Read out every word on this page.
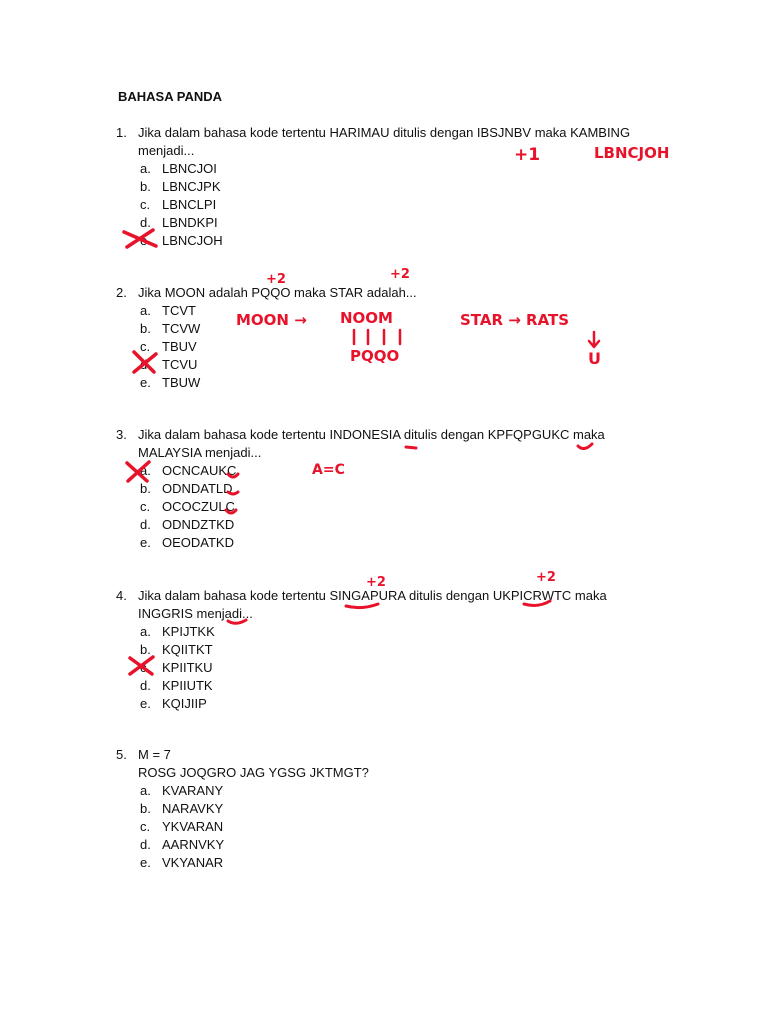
BAHASA PANDA
1. Jika dalam bahasa kode tertentu HARIMAU ditulis dengan IBSJNBV maka KAMBING
menjadi...
a. LBNCJOI
b. LBNCJPK
c. LBNCLPI
d. LBNDKPI
e. LBNCJOH
2. Jika MOON adalah PQQO maka STAR adalah...
a. TCVT
b. TCVW
c. TBUV
d. TCVU
e. TBUW
3. Jika dalam bahasa kode tertentu INDONESIA ditulis dengan KPFQPGUKC maka
MALAYSIA menjadi...
a. OCNCAUKC
b. ODNDATLD
c. OCOCZULC
d. ODNDZTKD
e. OEODATKD
4. Jika dalam bahasa kode tertentu SINGAPURA ditulis dengan UKPICRWTC maka
INGGRIS menjadi...
a. KPIJTKK
b. KQIITKT
c. KPIITKU
d. KPIIUTK
e. KQIJIIP
5. M = 7
ROSG JOQGRO JAG YGSG JKTMGT?
a. KVARANY
b. NARAVKY
c. YKVARAN
d. AARNVKY
e. VKYANAR
+1	LBNCJOH
+2	+2
MOON → NOOM
PQQO
STAR → RATS
U
A=C
+2	+2
